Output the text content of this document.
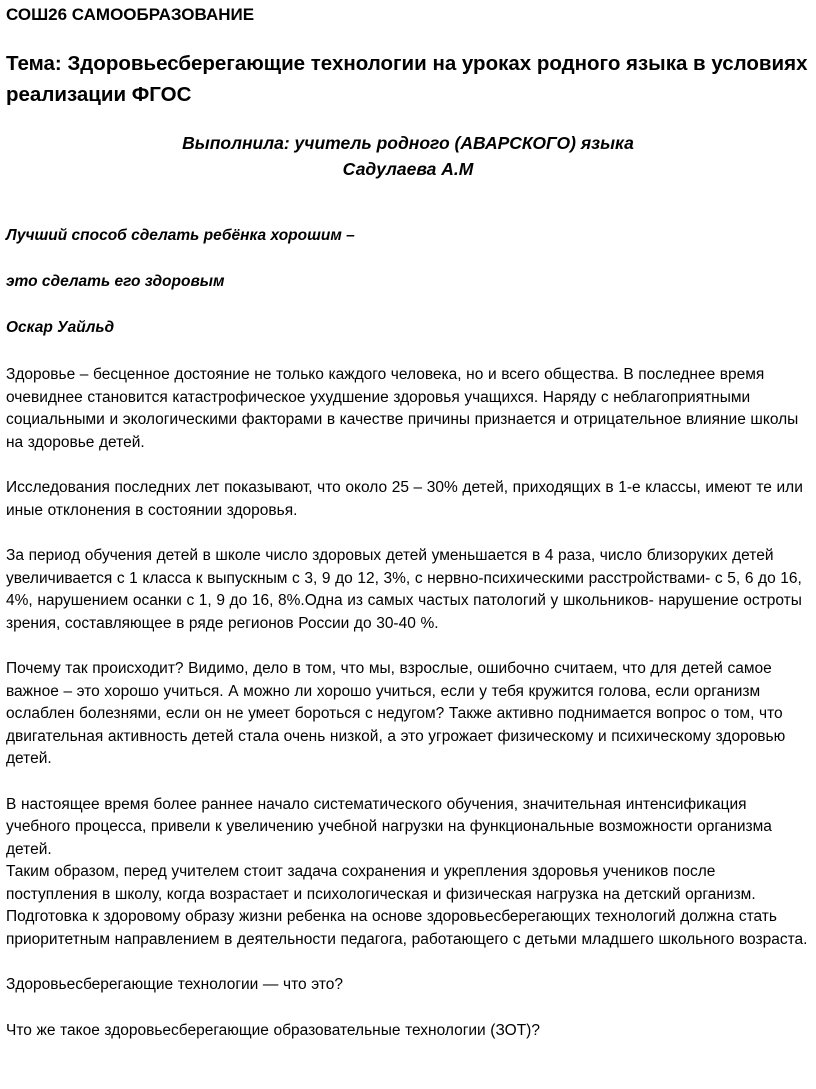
СОШ26 САМООБРАЗОВАНИЕ
Тема: Здоровьесберегающие технологии на уроках родного языка в условиях реализации ФГОС
Выполнила: учитель родного (АВАРСКОГО) языка
Садулаева А.М
Лучший способ сделать ребёнка хорошим –
это сделать его здоровым
Оскар Уайльд

Здоровье – бесценное достояние не только каждого человека, но и всего общества. В последнее время очевиднее становится катастрофическое ухудшение здоровья учащихся. Наряду с неблагоприятными социальными и экологическими факторами в качестве причины признается и отрицательное влияние школы на здоровье детей.

Исследования последних лет показывают, что около 25 – 30% детей, приходящих в 1-е классы, имеют те или иные отклонения в состоянии здоровья.

За период обучения детей в школе число здоровых детей уменьшается в 4 раза, число близоруких детей увеличивается с 1 класса к выпускным с 3, 9 до 12, 3%, с нервно-психическими расстройствами- с 5, 6 до 16, 4%, нарушением осанки с 1, 9 до 16, 8%.Одна из самых частых патологий у школьников- нарушение остроты зрения, составляющее в ряде регионов России до 30-40 %.

Почему так происходит? Видимо, дело в том, что мы, взрослые, ошибочно считаем, что для детей самое важное – это хорошо учиться. А можно ли хорошо учиться, если у тебя кружится голова, если организм ослаблен болезнями, если он не умеет бороться с недугом? Также активно поднимается вопрос о том, что двигательная активность детей стала очень низкой, а это угрожает физическому и психическому здоровью детей.

В настоящее время более раннее начало систематического обучения, значительная интенсификация учебного процесса, привели к увеличению учебной нагрузки на функциональные возможности организма детей.

Таким образом, перед учителем стоит задача сохранения и укрепления здоровья учеников после поступления в школу, когда возрастает и психологическая и физическая нагрузка на детский организм. Подготовка к здоровому образу жизни ребенка на основе здоровьесберегающих технологий должна стать приоритетным направлением в деятельности педагога, работающего с детьми младшего школьного возраста.

Здоровьесберегающие технологии — что это?

Что же такое здоровьесберегающие образовательные технологии (ЗОТ)?
